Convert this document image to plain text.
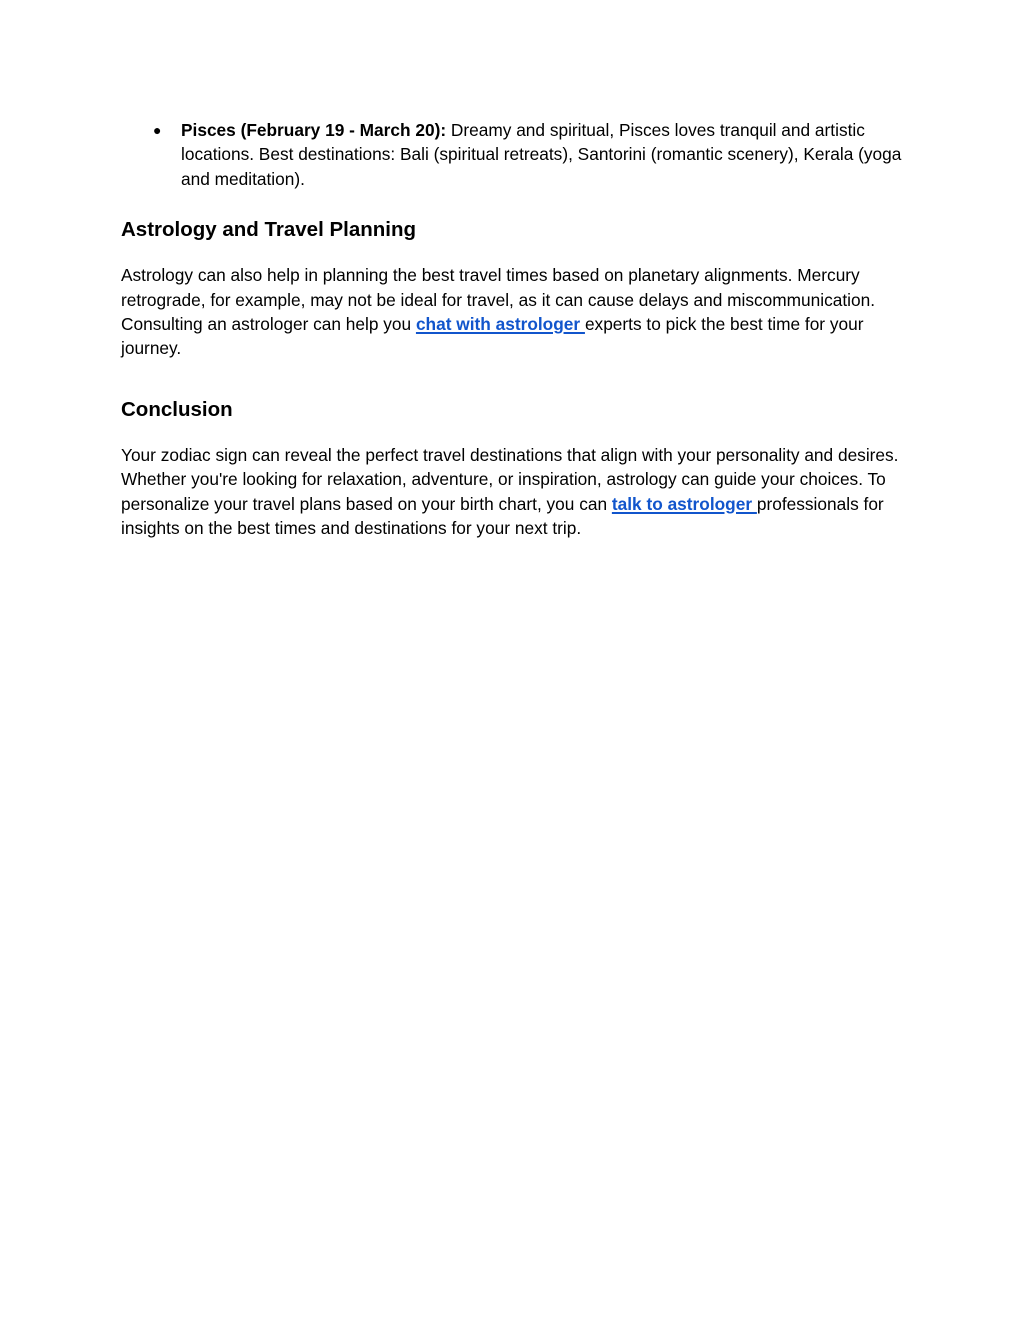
● Pisces (February 19 - March 20): Dreamy and spiritual, Pisces loves tranquil and artistic locations. Best destinations: Bali (spiritual retreats), Santorini (romantic scenery), Kerala (yoga and meditation).
Astrology and Travel Planning

Astrology can also help in planning the best travel times based on planetary alignments. Mercury retrograde, for example, may not be ideal for travel, as it can cause delays and miscommunication. Consulting an astrologer can help you chat with astrologer experts to pick the best time for your journey.

Conclusion

Your zodiac sign can reveal the perfect travel destinations that align with your personality and desires. Whether you're looking for relaxation, adventure, or inspiration, astrology can guide your choices. To personalize your travel plans based on your birth chart, you can talk to astrologer professionals for insights on the best times and destinations for your next trip.
